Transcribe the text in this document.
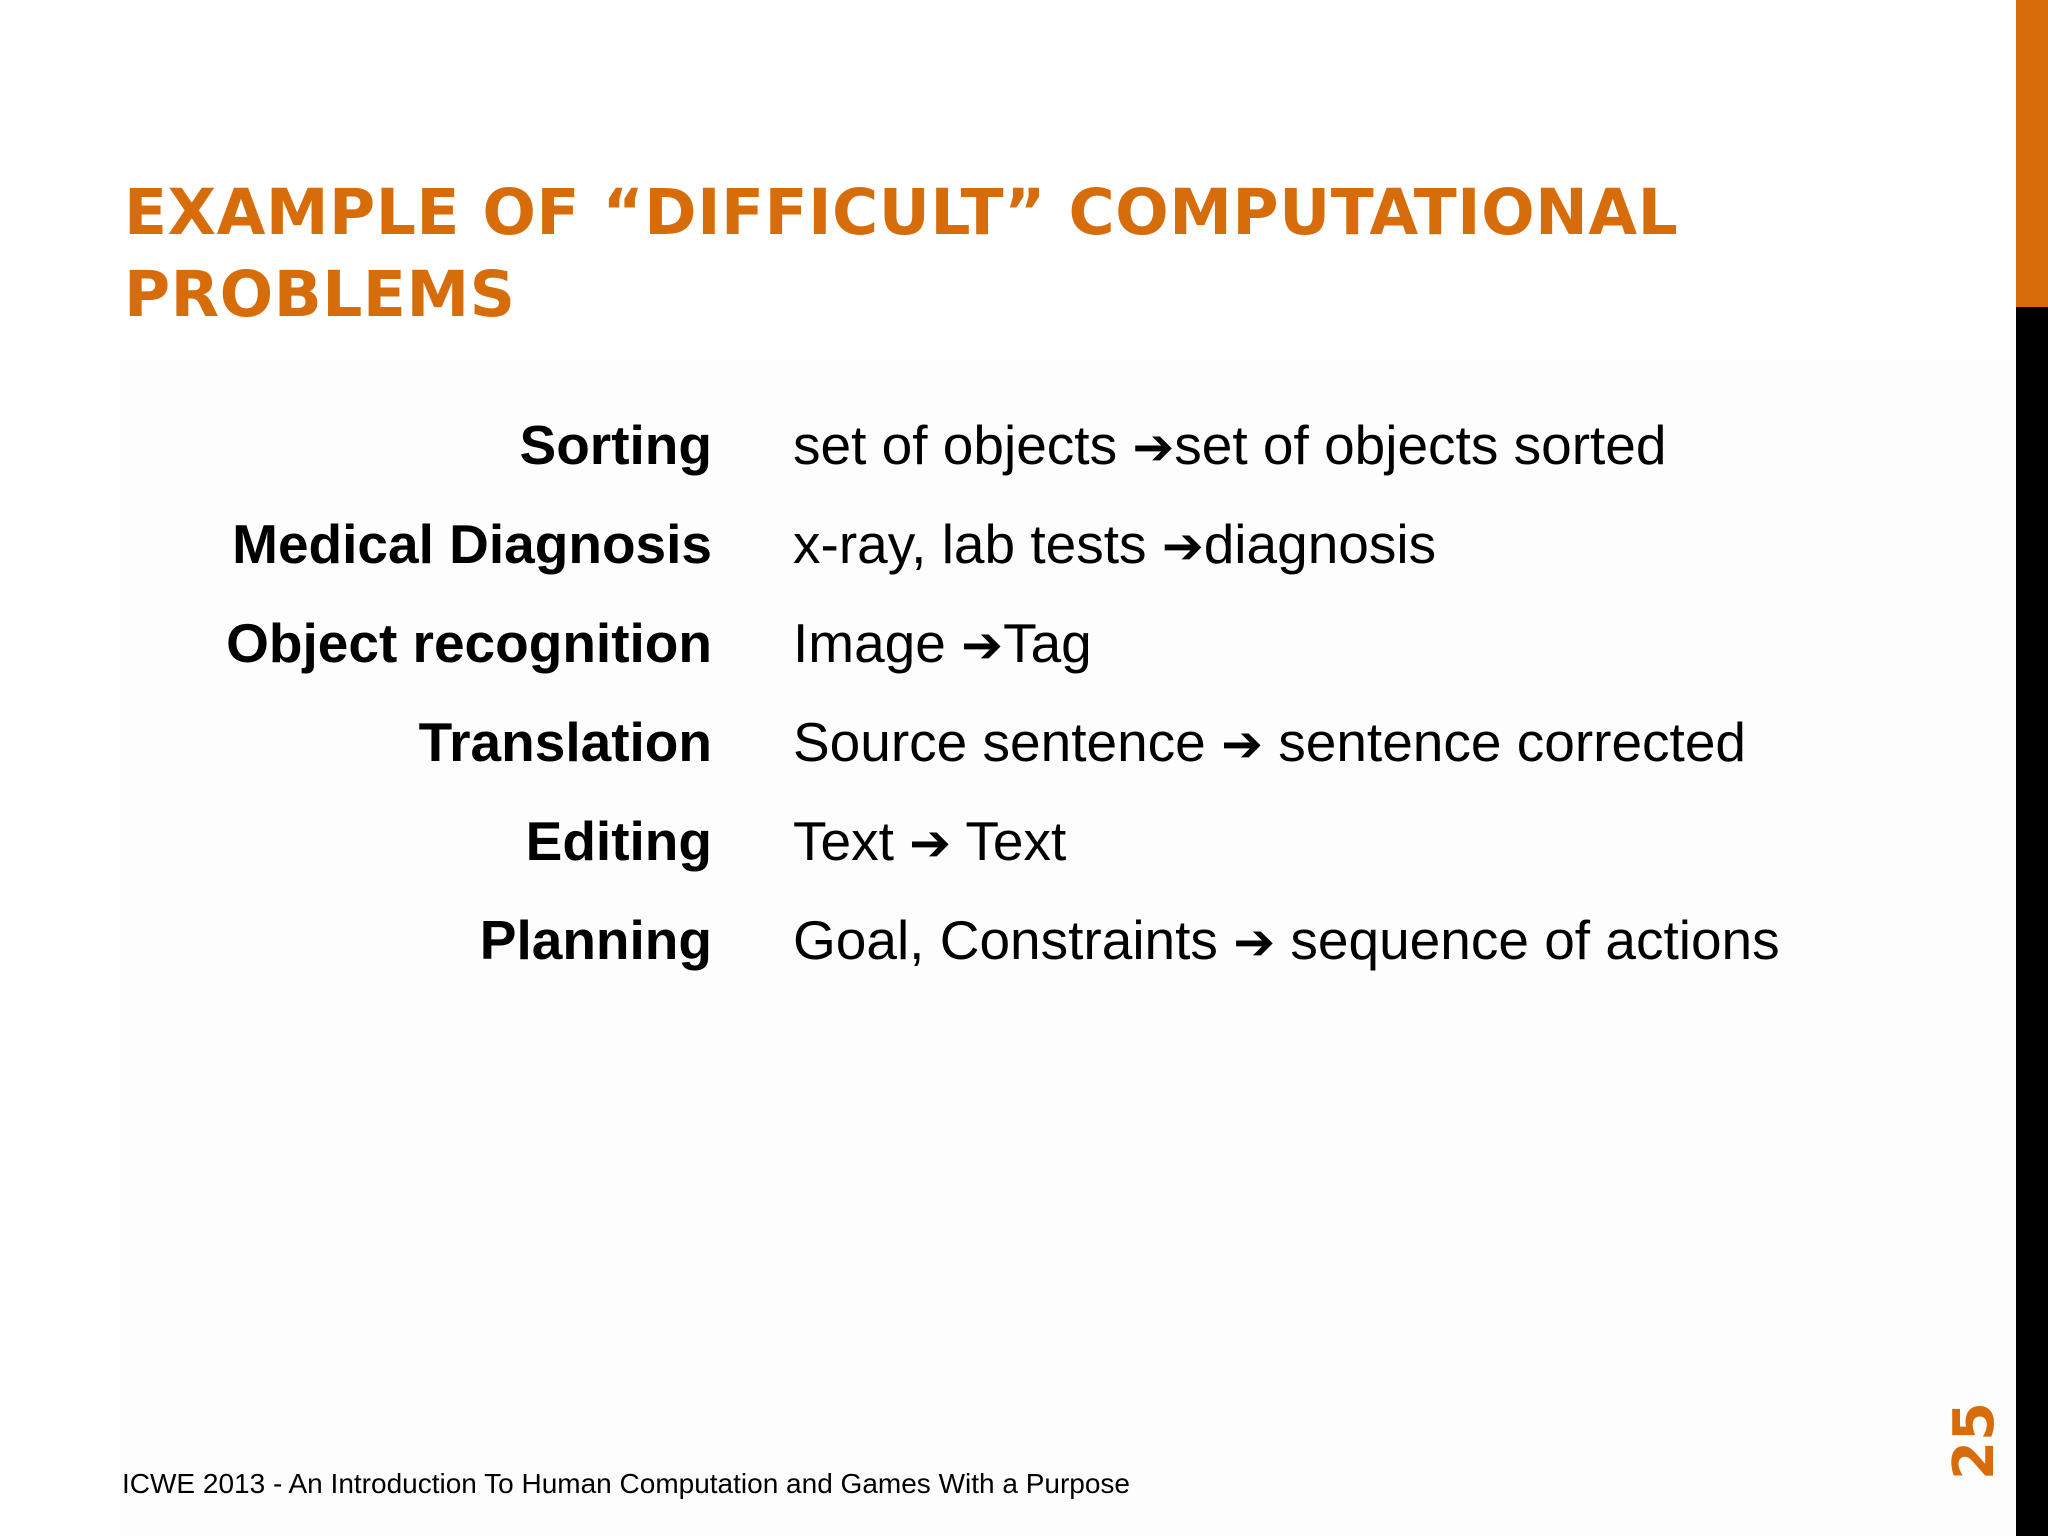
EXAMPLE OF “DIFFICULT” COMPUTATIONAL
PROBLEMS
Sorting set of objects ➔set of objects sorted
Medical Diagnosis x-ray, lab tests ➔diagnosis
Object recognition Image ➔Tag
Translation Source sentence ➔ sentence corrected
Editing Text ➔ Text
Planning Goal, Constraints ➔ sequence of actions
ICWE 2013 - An Introduction To Human Computation and Games With a Purpose
25
